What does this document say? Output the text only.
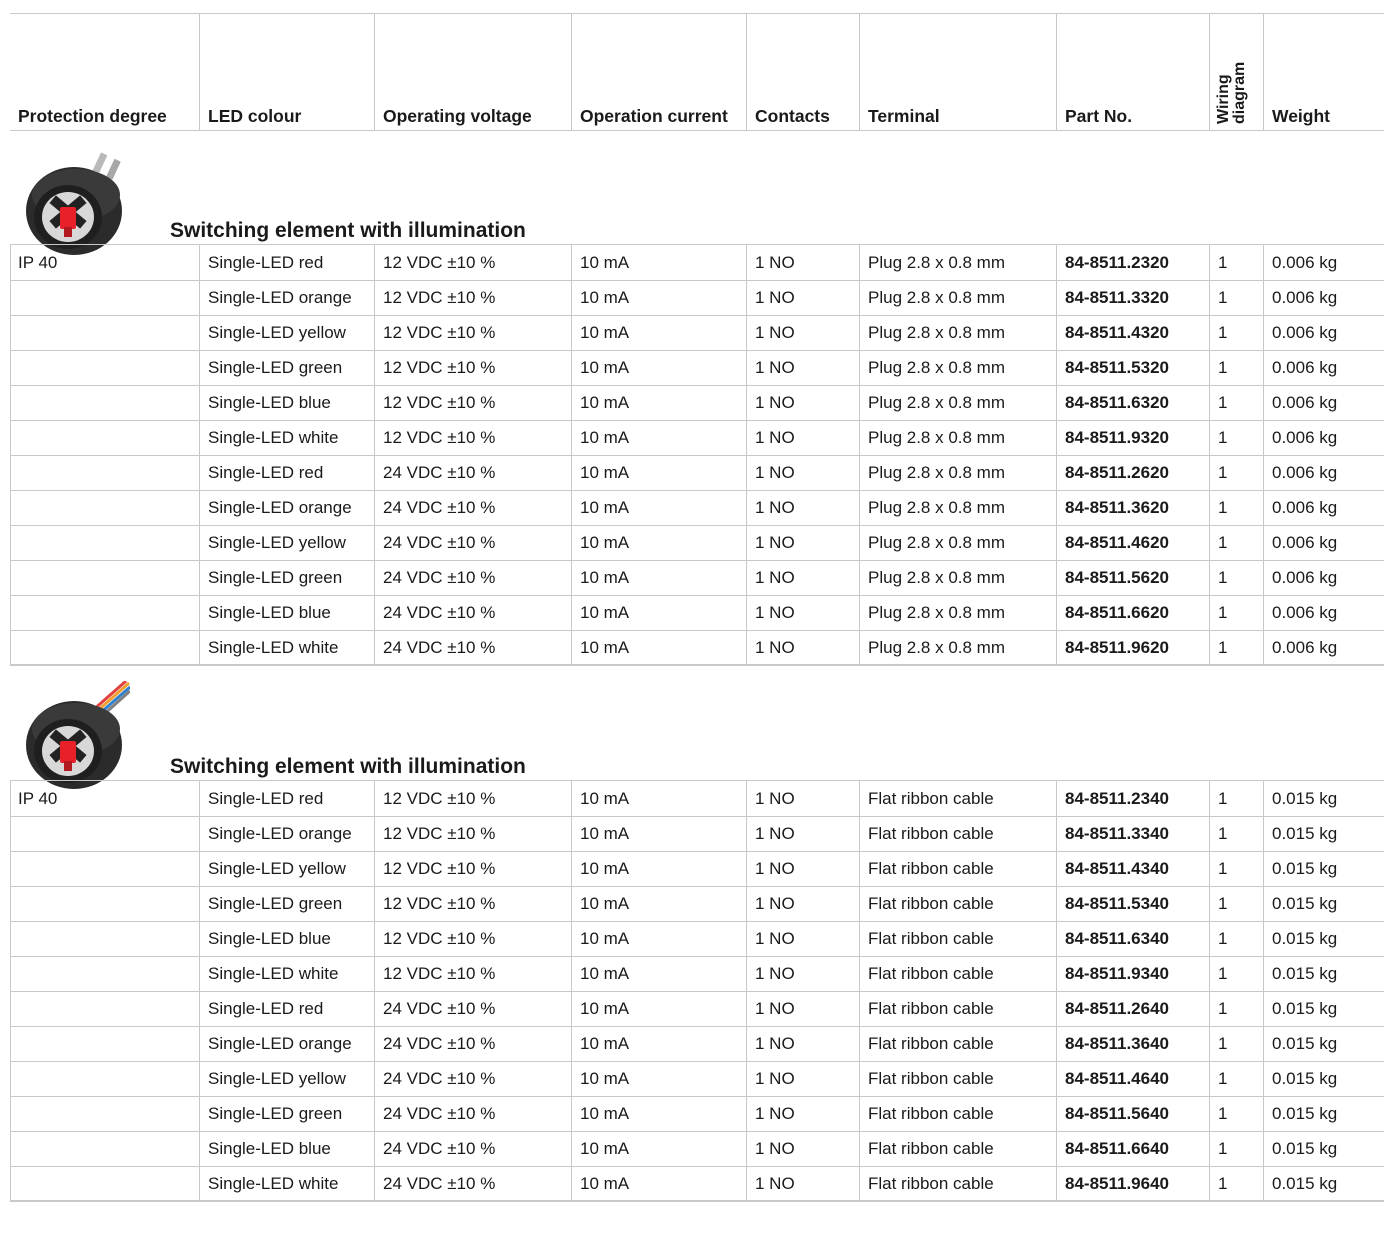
Protection degree	LED colour	Operating voltage	Operation current	Contacts	Terminal	Part No.	Wiring diagram	Weight
Switching element with illumination
IP 40	Single-LED red	12 VDC ±10 %	10 mA	1 NO	Plug 2.8 x 0.8 mm	84-8511.2320	1	0.006 kg
Single-LED orange	12 VDC ±10 %	10 mA	1 NO	Plug 2.8 x 0.8 mm	84-8511.3320	1	0.006 kg
Single-LED yellow	12 VDC ±10 %	10 mA	1 NO	Plug 2.8 x 0.8 mm	84-8511.4320	1	0.006 kg
Single-LED green	12 VDC ±10 %	10 mA	1 NO	Plug 2.8 x 0.8 mm	84-8511.5320	1	0.006 kg
Single-LED blue	12 VDC ±10 %	10 mA	1 NO	Plug 2.8 x 0.8 mm	84-8511.6320	1	0.006 kg
Single-LED white	12 VDC ±10 %	10 mA	1 NO	Plug 2.8 x 0.8 mm	84-8511.9320	1	0.006 kg
Single-LED red	24 VDC ±10 %	10 mA	1 NO	Plug 2.8 x 0.8 mm	84-8511.2620	1	0.006 kg
Single-LED orange	24 VDC ±10 %	10 mA	1 NO	Plug 2.8 x 0.8 mm	84-8511.3620	1	0.006 kg
Single-LED yellow	24 VDC ±10 %	10 mA	1 NO	Plug 2.8 x 0.8 mm	84-8511.4620	1	0.006 kg
Single-LED green	24 VDC ±10 %	10 mA	1 NO	Plug 2.8 x 0.8 mm	84-8511.5620	1	0.006 kg
Single-LED blue	24 VDC ±10 %	10 mA	1 NO	Plug 2.8 x 0.8 mm	84-8511.6620	1	0.006 kg
Single-LED white	24 VDC ±10 %	10 mA	1 NO	Plug 2.8 x 0.8 mm	84-8511.9620	1	0.006 kg
Switching element with illumination
IP 40	Single-LED red	12 VDC ±10 %	10 mA	1 NO	Flat ribbon cable	84-8511.2340	1	0.015 kg
Single-LED orange	12 VDC ±10 %	10 mA	1 NO	Flat ribbon cable	84-8511.3340	1	0.015 kg
Single-LED yellow	12 VDC ±10 %	10 mA	1 NO	Flat ribbon cable	84-8511.4340	1	0.015 kg
Single-LED green	12 VDC ±10 %	10 mA	1 NO	Flat ribbon cable	84-8511.5340	1	0.015 kg
Single-LED blue	12 VDC ±10 %	10 mA	1 NO	Flat ribbon cable	84-8511.6340	1	0.015 kg
Single-LED white	12 VDC ±10 %	10 mA	1 NO	Flat ribbon cable	84-8511.9340	1	0.015 kg
Single-LED red	24 VDC ±10 %	10 mA	1 NO	Flat ribbon cable	84-8511.2640	1	0.015 kg
Single-LED orange	24 VDC ±10 %	10 mA	1 NO	Flat ribbon cable	84-8511.3640	1	0.015 kg
Single-LED yellow	24 VDC ±10 %	10 mA	1 NO	Flat ribbon cable	84-8511.4640	1	0.015 kg
Single-LED green	24 VDC ±10 %	10 mA	1 NO	Flat ribbon cable	84-8511.5640	1	0.015 kg
Single-LED blue	24 VDC ±10 %	10 mA	1 NO	Flat ribbon cable	84-8511.6640	1	0.015 kg
Single-LED white	24 VDC ±10 %	10 mA	1 NO	Flat ribbon cable	84-8511.9640	1	0.015 kg
